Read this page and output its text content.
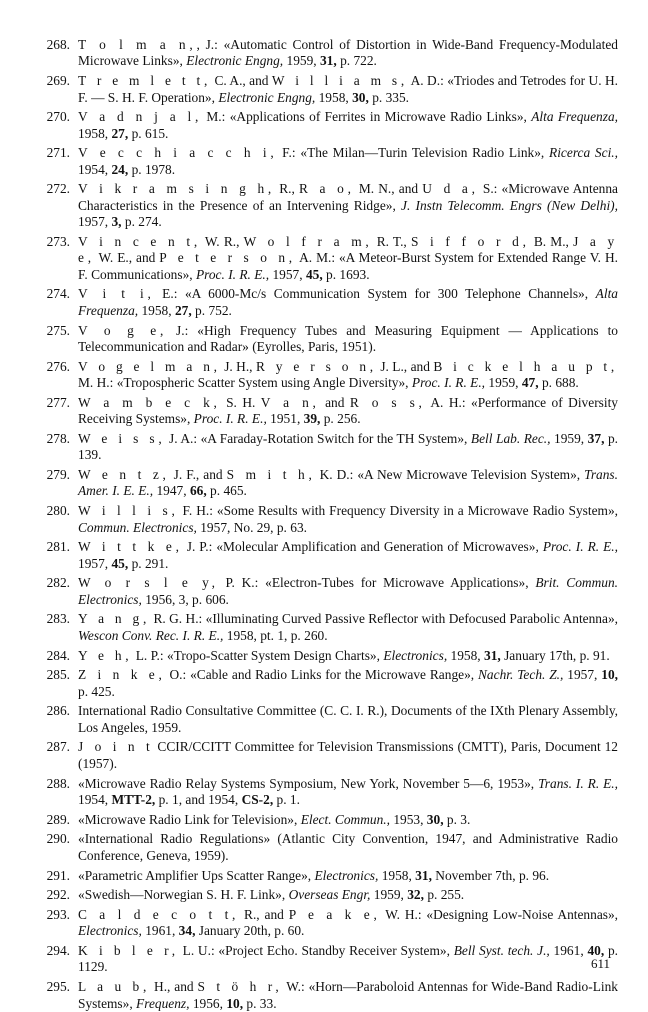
268. T o l m a n,, J.: «Automatic Control of Distortion in Wide-Band Frequency-Modulated Microwave Links», Electronic Engng, 1959, 31, p. 722.
269. T r e m l e t t, C. A., and W i l l i a m s, A. D.: «Triodes and Tetrodes for U. H. F. — S. H. F. Operation», Electronic Engng, 1958, 30, p. 335.
270. V a d n j a l, M.: «Applications of Ferrites in Microwave Radio Links», Alta Frequenza, 1958, 27, p. 615.
271. V e c c h i a c c h i, F.: «The Milan—Turin Television Radio Link», Ricerca Sci., 1954, 24, p. 1978.
272. V i k r a m s i n g h, R., R a o, M. N., and U d a, S.: «Microwave Antenna Characteristics in the Presence of an Intervening Ridge», J. Instn Telecomm. Engrs (New Delhi), 1957, 3, p. 274.
273. V i n c e n t, W. R., W o l f r a m, R. T., S i f f o r d, B. M., J a y e, W. E., and P e t e r s o n, A. M.: «A Meteor-Burst System for Extended Range V. H. F. Communications», Proc. I. R. E., 1957, 45, p. 1693.
274. V i t i, E.: «A 6000-Mc/s Communication System for 300 Telephone Channels», Alta Frequenza, 1958, 27, p. 752.
275. V o g e, J.: «High Frequency Tubes and Measuring Equipment — Applications to Telecommunication and Radar» (Eyrolles, Paris, 1951).
276. V o g e l m a n, J. H., R y e r s o n, J. L., and B i c k e l h a u p t, M. H.: «Tropospheric Scatter System using Angle Diversity», Proc. I. R. E., 1959, 47, p. 688.
277. W a m b e c k, S. H. V a n, and R o s s, A. H.: «Performance of Diversity Receiving Systems», Proc. I. R. E., 1951, 39, p. 256.
278. W e i s s, J. A.: «A Faraday-Rotation Switch for the TH System», Bell Lab. Rec., 1959, 37, p. 139.
279. W e n t z, J. F., and S m i t h, K. D.: «A New Microwave Television System», Trans. Amer. I. E. E., 1947, 66, p. 465.
280. W i l l i s, F. H.: «Some Results with Frequency Diversity in a Microwave Radio System», Commun. Electronics, 1957, No. 29, p. 63.
281. W i t t k e, J. P.: «Molecular Amplification and Generation of Microwaves», Proc. I. R. E., 1957, 45, p. 291.
282. W o r s l e y, P. K.: «Electron-Tubes for Microwave Applications», Brit. Commun. Electronics, 1956, 3, p. 606.
283. Y a n g, R. G. H.: «Illuminating Curved Passive Reflector with Defocused Parabolic Antenna», Wescon Conv. Rec. I. R. E., 1958, pt. 1, p. 260.
284. Y e h, L. P.: «Tropo-Scatter System Design Charts», Electronics, 1958, 31, January 17th, p. 91.
285. Z i n k e, O.: «Cable and Radio Links for the Microwave Range», Nachr. Tech. Z., 1957, 10, p. 425.
286. International Radio Consultative Committee (C. C. I. R.), Documents of the IXth Plenary Assembly, Los Angeles, 1959.
287. J o i n t CCIR/CCITT Committee for Television Transmissions (CMTT), Paris, Document 12 (1957).
288. «Microwave Radio Relay Systems Symposium, New York, November 5—6, 1953», Trans. I. R. E., 1954, MTT-2, p. 1, and 1954, CS-2, p. 1.
289. «Microwave Radio Link for Television», Elect. Commun., 1953, 30, p. 3.
290. «International Radio Regulations» (Atlantic City Convention, 1947, and Administrative Radio Conference, Geneva, 1959).
291. «Parametric Amplifier Ups Scatter Range», Electronics, 1958, 31, November 7th, p. 96.
292. «Swedish—Norwegian S. H. F. Link», Overseas Engr, 1959, 32, p. 255.
293. C a l d e c o t t, R., and P e a k e, W. H.: «Designing Low-Noise Antennas», Electronics, 1961, 34, January 20th, p. 60.
294. K i b l e r, L. U.: «Project Echo. Standby Receiver System», Bell Syst. tech. J., 1961, 40, p. 1129.
295. L a u b, H., and S t ö h r, W.: «Horn—Paraboloid Antennas for Wide-Band Radio-Link Systems», Frequenz, 1956, 10, p. 33.
611
